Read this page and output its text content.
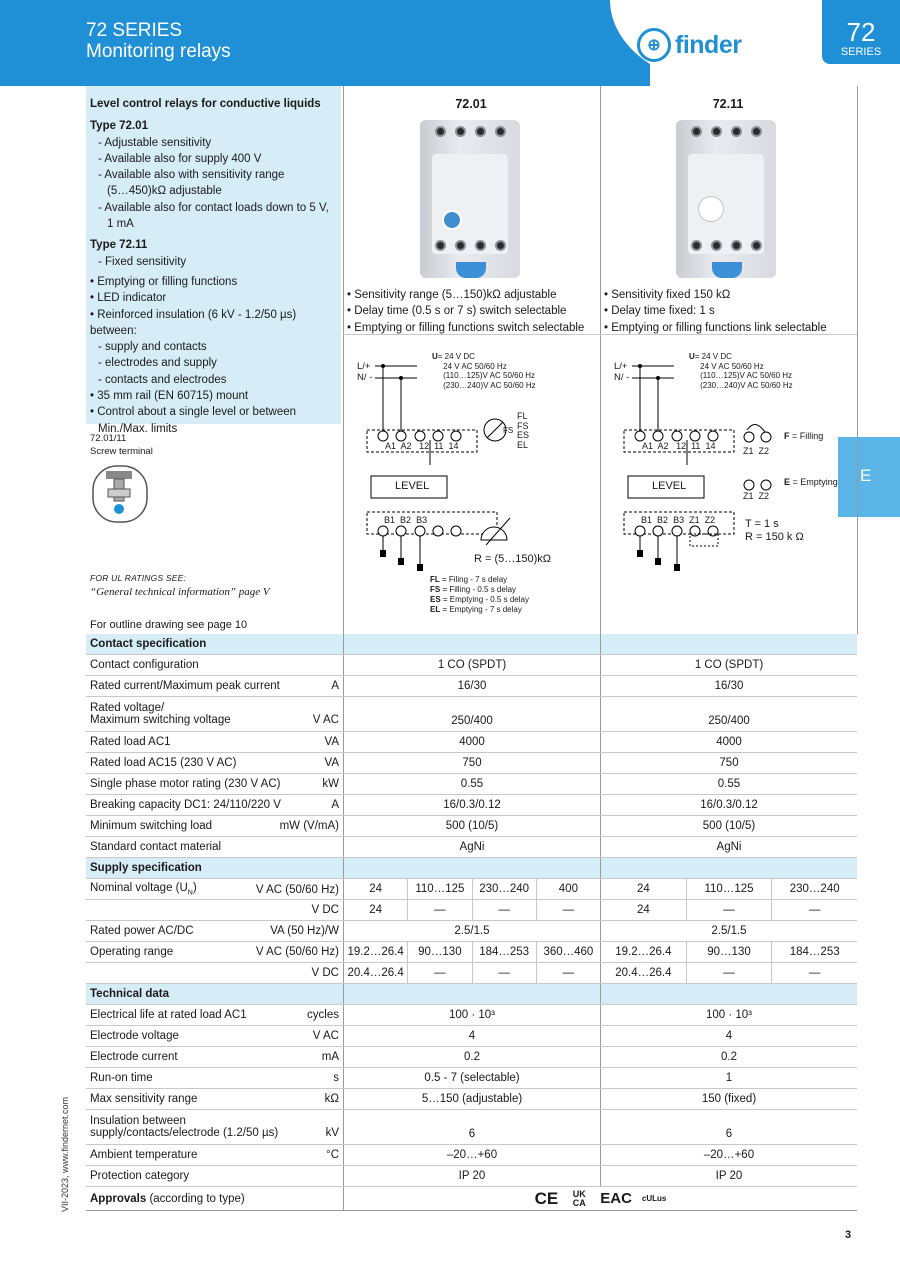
72 SERIES
Monitoring relays	⊕ finder	72
SERIES
E
VII-2023, www.findernet.com
3
Level control relays for conductive liquids
Type 72.01
- Adjustable sensitivity
- Available also for supply 400 V
- Available also with sensitivity range
(5…450)kΩ adjustable
- Available also for contact loads down to 5 V,
1 mA
Type 72.11
- Fixed sensitivity
• Emptying or filling functions
• LED indicator
• Reinforced insulation (6 kV - 1.2/50 µs) between:
- supply and contacts
- electrodes and supply
- contacts and electrodes
• 35 mm rail (EN 60715) mount
• Control about a single level or between
Min./Max. limits
72.01/11
Screw terminal
FOR UL RATINGS SEE:
“General technical information” page V
For outline drawing see page 10
72.01	72.11
• Sensitivity range (5…150)kΩ adjustable
• Delay time (0.5 s or 7 s) switch selectable
• Emptying or filling functions switch selectable
• Sensitivity fixed 150 kΩ
• Delay time fixed: 1 s
• Emptying or filling functions link selectable
L/+
N/ -
U= 24 V DC
24 V AC 50/60 Hz
(110…125)V AC 50/60 Hz
(230…240)V AC 50/60 Hz
A1 A2 12 11 14
LEVEL
B1 B2 B3
FL
FS
ES
EL
FS
R = (5…150)kΩ
FL = Filing - 7 s delay
FS = Filling - 0.5 s delay
ES = Emptying - 0.5 s delay
EL = Emptying - 7 s delay
L/+
N/ -
U= 24 V DC
24 V AC 50/60 Hz
(110…125)V AC 50/60 Hz
(230…240)V AC 50/60 Hz
A1 A2 12 11 14
LEVEL
B1 B2 B3 Z1 Z2
Z1  Z2
Z1  Z2
F = Filling
E = Emptying
T = 1 s
R = 150 k Ω
Contact specification
Contact configuration	1 CO (SPDT)	1 CO (SPDT)
Rated current/Maximum peak current	A	16/30	16/30
Rated voltage/
Maximum switching voltage	V AC	250/400	250/400
Rated load AC1	VA	4000	4000
Rated load AC15 (230 V AC)	VA	750	750
Single phase motor rating (230 V AC)	kW	0.55	0.55
Breaking capacity DC1: 24/110/220 V	A	16/0.3/0.12	16/0.3/0.12
Minimum switching load	mW (V/mA)	500 (10/5)	500 (10/5)
Standard contact material	AgNi	AgNi
Supply specification
Nominal voltage $(U_N)$	V AC (50/60 Hz)	24	110…125	230…240	400	24	110…125	230…240
V DC	24	—	—	—	24	—	—
Rated power AC/DC	VA (50 Hz)/W	2.5/1.5	2.5/1.5
Operating range	V AC (50/60 Hz) 19.2…26.4	90…130	184…253	360…460	19.2…26.4	90…130	184…253
V DC 20.4…26.4	—	—	—	20.4…26.4	—	—
Technical data
Electrical life at rated load AC1	cycles	100 · 10³	100 · 10³
Electrode voltage	V AC	4	4
Electrode current	mA	0.2	0.2
Run-on time	s	0.5 - 7 (selectable)	1
Max sensitivity range	kΩ	5…150 (adjustable)	150 (fixed)
Insulation between
supply/contacts/electrode (1.2/50 µs)	kV	6	6
Ambient temperature	°C	–20…+60	–20…+60
Protection category	IP 20	IP 20
Approvals
(according to type)	CE	UK CA EAC cULus
